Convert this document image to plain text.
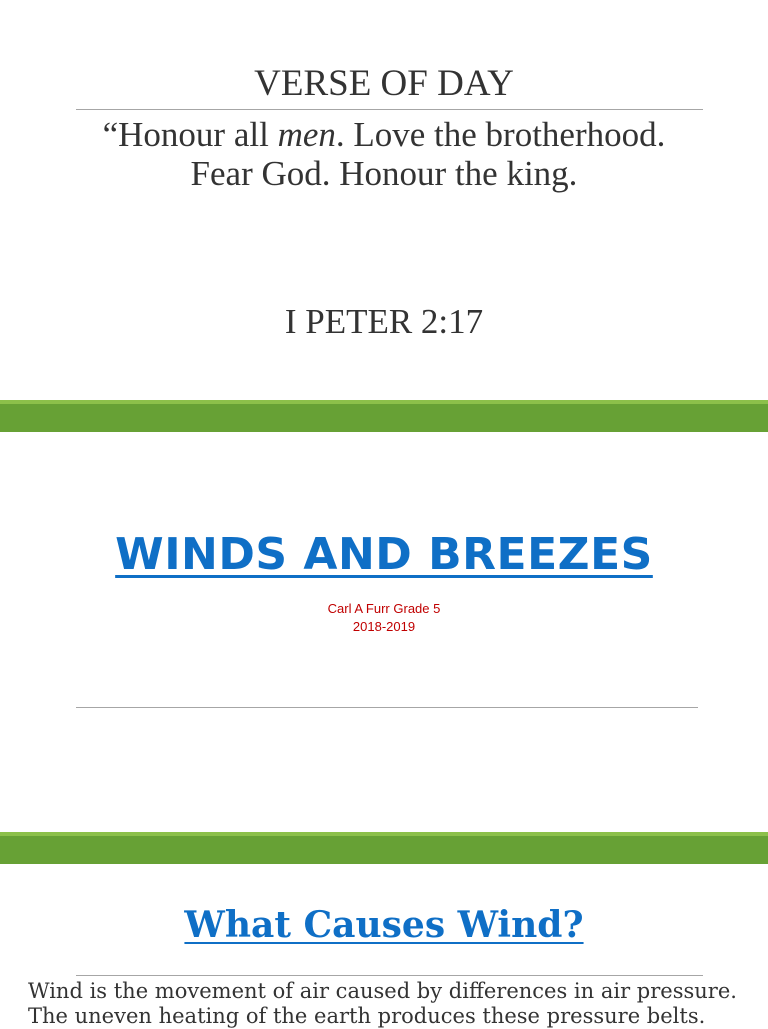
VERSE OF DAY
“Honour all men. Love the brotherhood.
Fear God. Honour the king.
I PETER 2:17
WINDS AND BREEZES
Carl A Furr Grade 5
2018-2019
What Causes Wind?

Wind is the movement of air caused by differences in air pressure.

The uneven heating of the earth produces these pressure belts.
